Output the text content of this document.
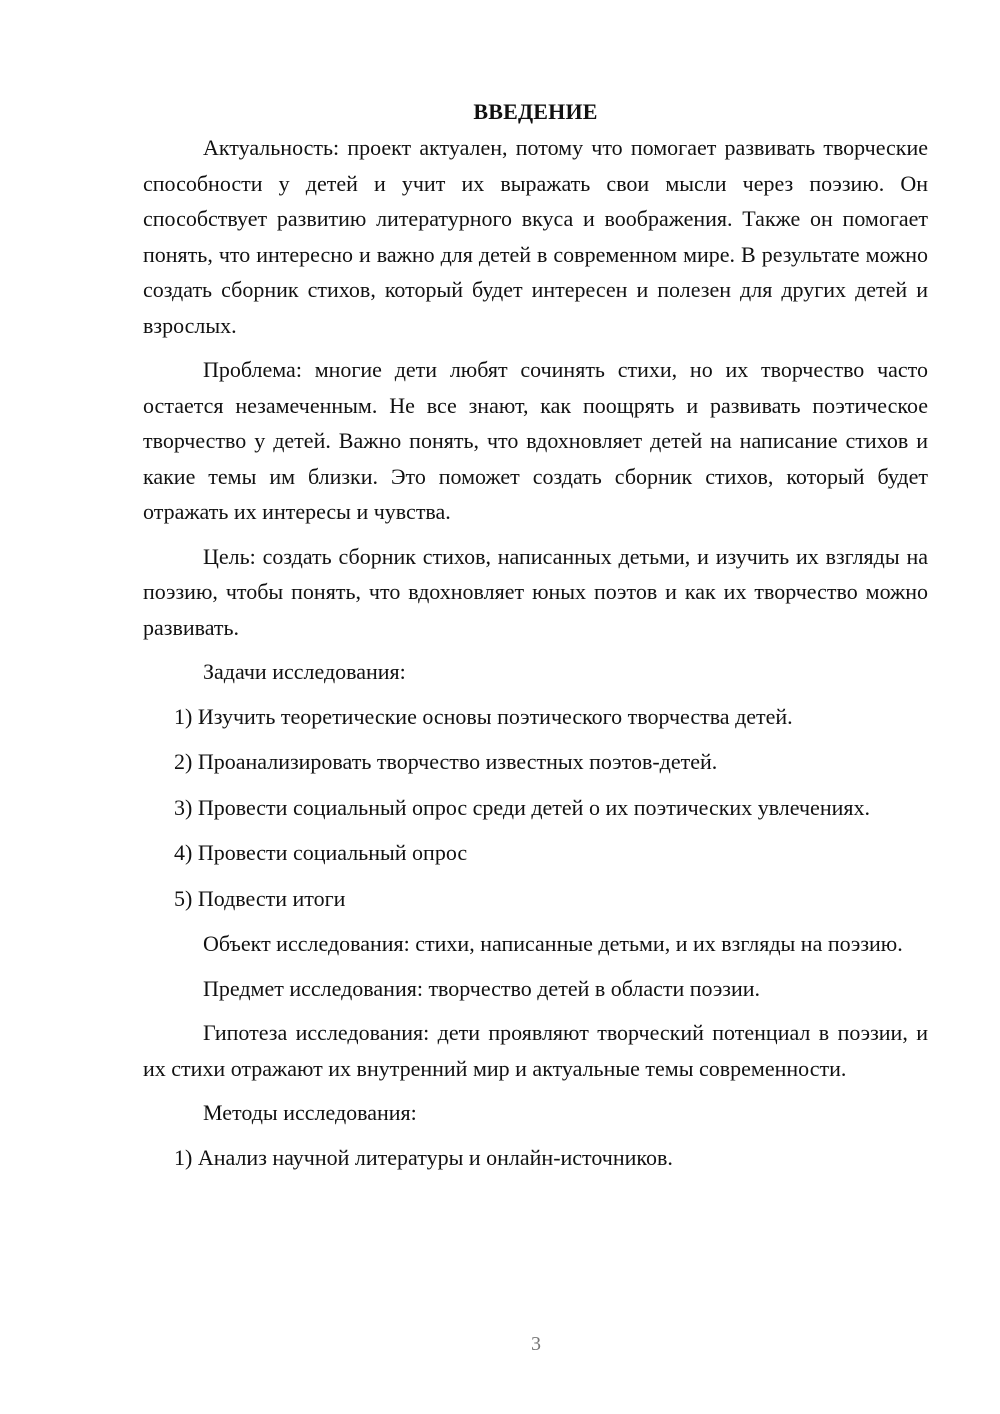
ВВЕДЕНИЕ

Актуальность: проект актуален, потому что помогает развивать творческие способности у детей и учит их выражать свои мысли через поэзию. Он способствует развитию литературного вкуса и воображения. Также он помогает понять, что интересно и важно для детей в современном мире. В результате можно создать сборник стихов, который будет интересен и полезен для других детей и взрослых.

Проблема: многие дети любят сочинять стихи, но их творчество часто остается незамеченным. Не все знают, как поощрять и развивать поэтическое творчество у детей. Важно понять, что вдохновляет детей на написание стихов и какие темы им близки. Это поможет создать сборник стихов, который будет отражать их интересы и чувства.

Цель: создать сборник стихов, написанных детьми, и изучить их взгляды на поэзию, чтобы понять, что вдохновляет юных поэтов и как их творчество можно развивать.

Задачи исследования:

1) Изучить теоретические основы поэтического творчества детей.

2) Проанализировать творчество известных поэтов-детей.

3) Провести социальный опрос среди детей о их поэтических увлечениях.

4) Провести социальный опрос

5) Подвести итоги

Объект исследования: стихи, написанные детьми, и их взгляды на поэзию.

Предмет исследования: творчество детей в области поэзии.

Гипотеза исследования: дети проявляют творческий потенциал в поэзии, и их стихи отражают их внутренний мир и актуальные темы современности.

Методы исследования:

1) Анализ научной литературы и онлайн-источников.

3
